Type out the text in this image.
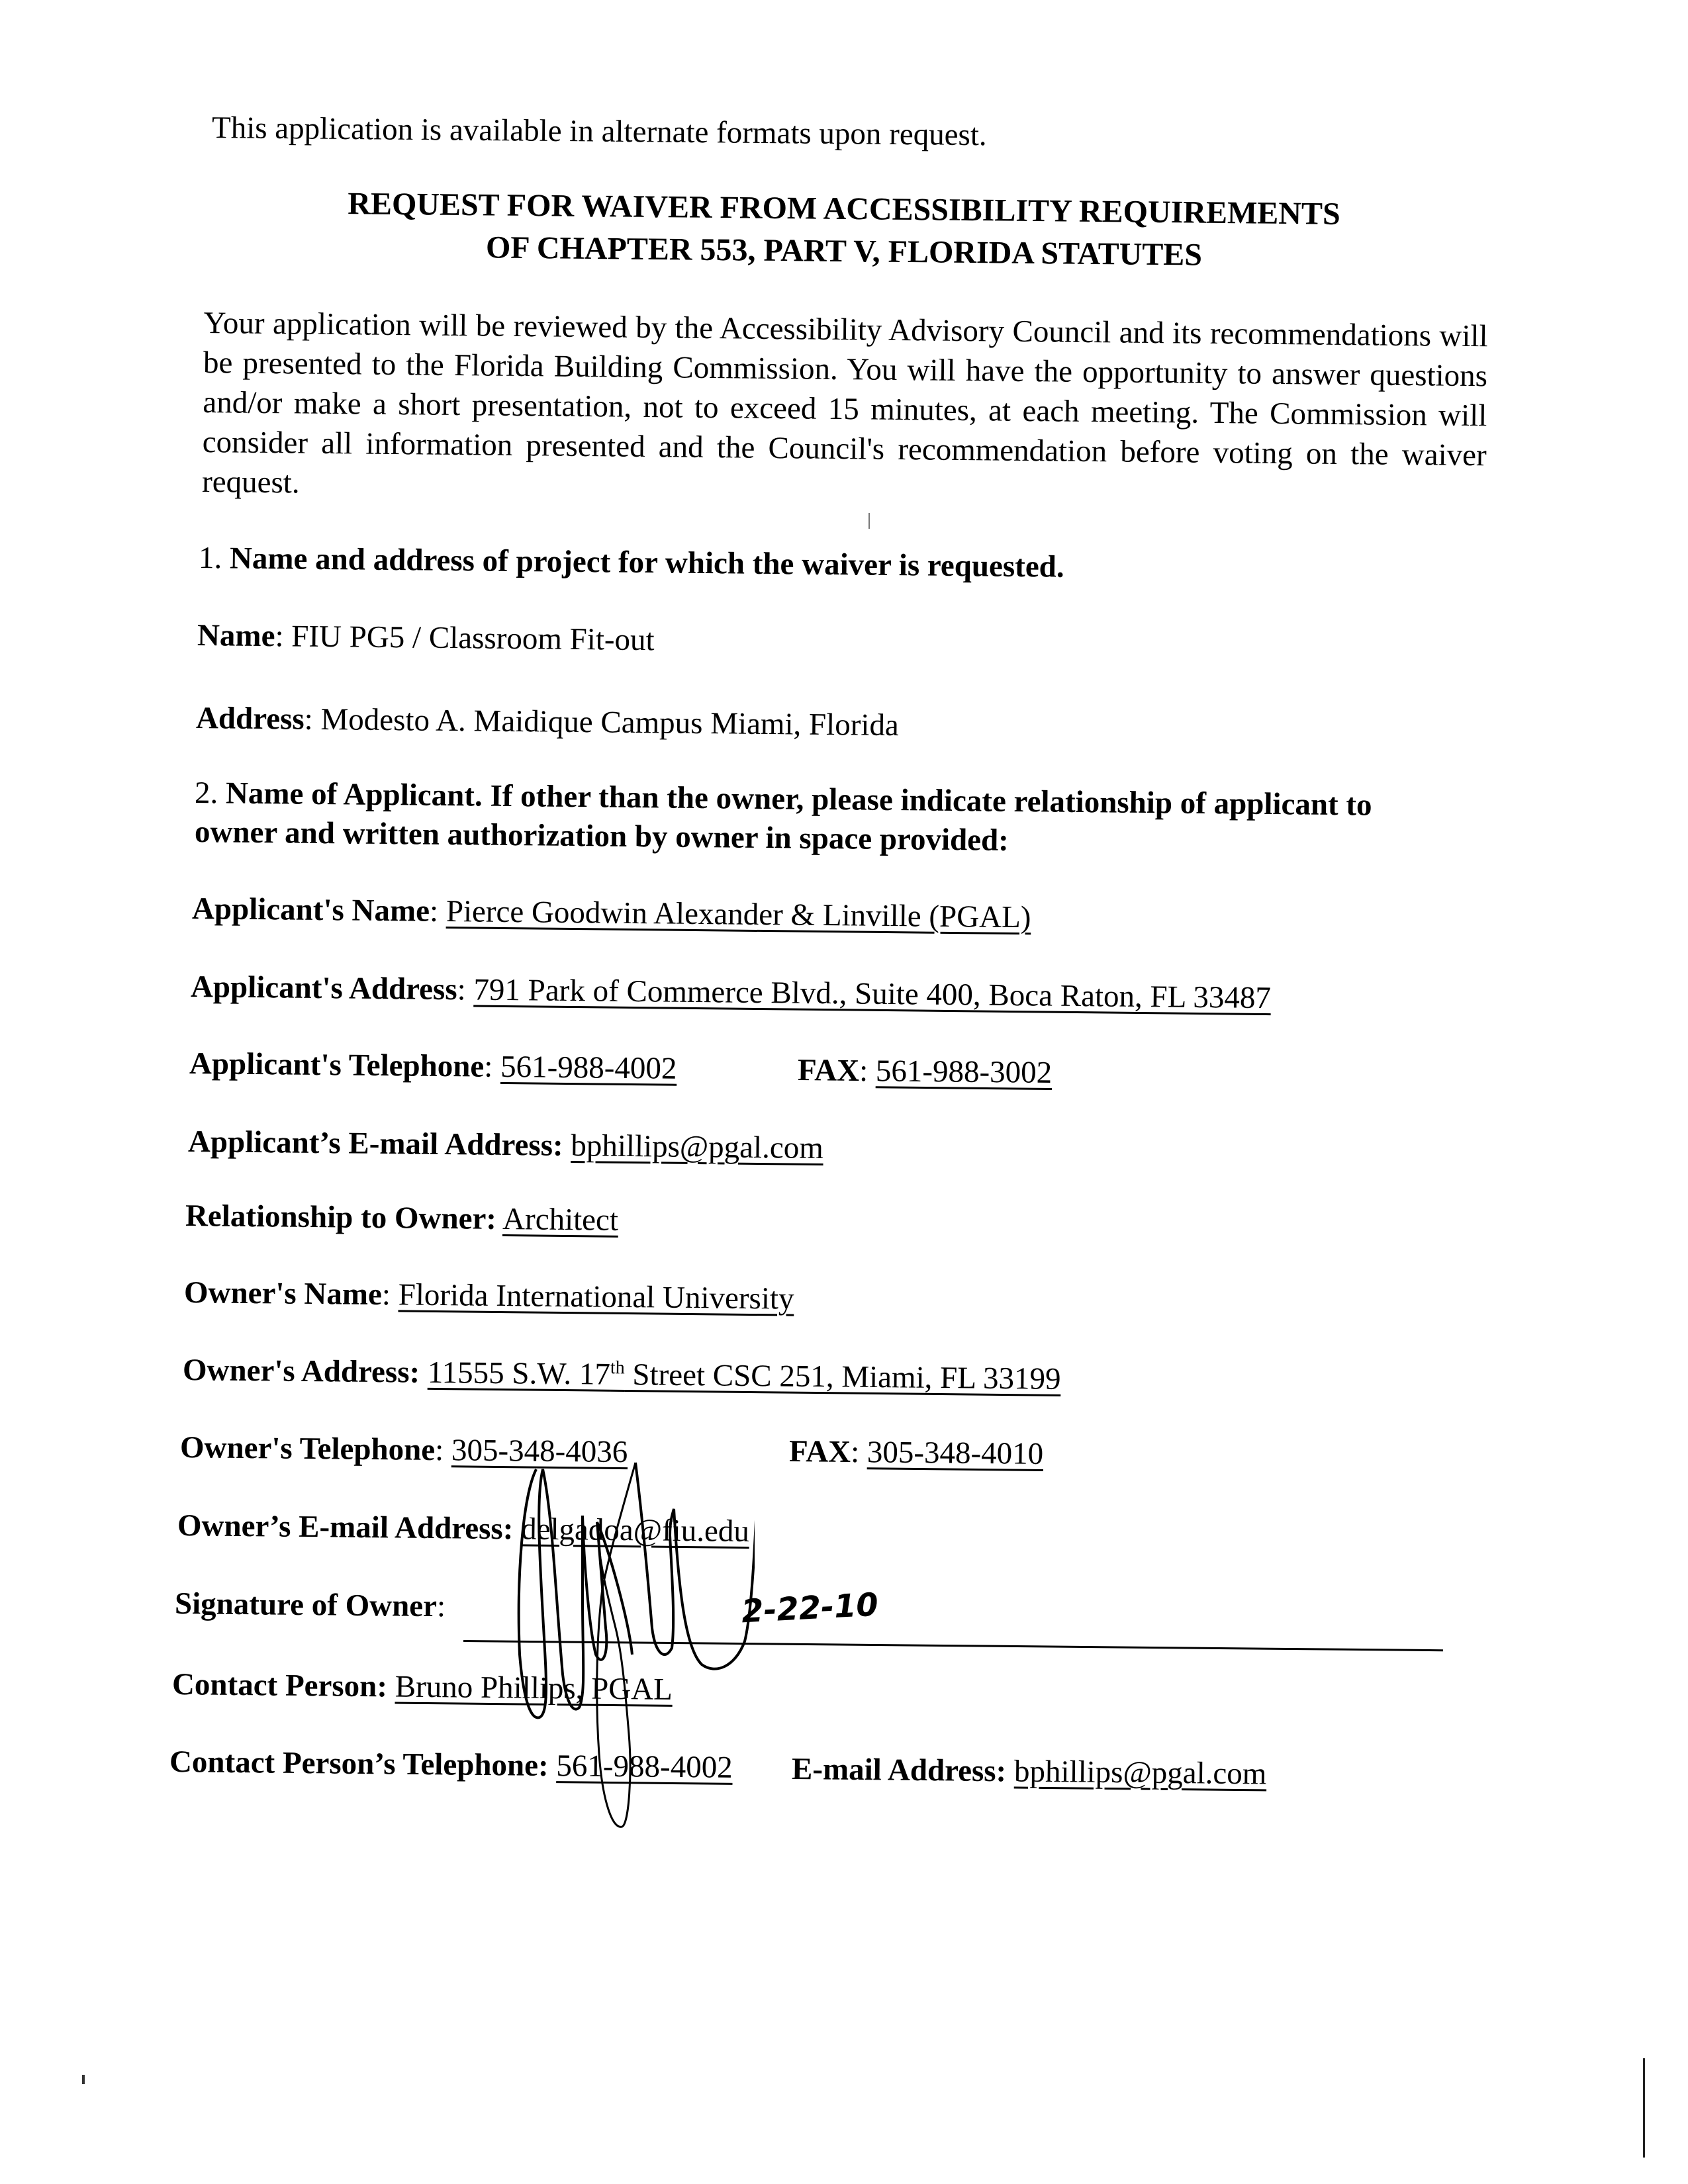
This application is available in alternate formats upon request.
REQUEST FOR WAIVER FROM ACCESSIBILITY REQUIREMENTS
OF CHAPTER 553, PART V, FLORIDA STATUTES
Your application will be reviewed by the Accessibility Advisory Council and its recommendations will be presented to the Florida Building Commission. You will have the opportunity to answer questions and/or make a short presentation, not to exceed 15 minutes, at each meeting. The Commission will consider all information presented and the Council's recommendation before voting on the waiver request.
1. Name and address of project for which the waiver is requested.
Name: FIU PG5 / Classroom Fit-out
Address: Modesto A. Maidique Campus Miami, Florida
2. Name of Applicant. If other than the owner, please indicate relationship of applicant to
owner and written authorization by owner in space provided:
Applicant's Name: Pierce Goodwin Alexander & Linville (PGAL)
Applicant's Address: 791 Park of Commerce Blvd., Suite 400, Boca Raton, FL 33487
Applicant's Telephone: 561-988-4002	FAX: 561-988-3002
Applicant’s E-mail Address: bphillips@pgal.com
Relationship to Owner: Architect
Owner's Name: Florida International University
Owner's Address: 11555 S.W. 17th Street CSC 251, Miami, FL 33199
Owner's Telephone: 305-348-4036	FAX: 305-348-4010
Owner’s E-mail Address: delgadoa@fiu.edu
Signature of Owner:	2-22-10
Contact Person: Bruno Phillips, PGAL
Contact Person’s Telephone: 561-988-4002 E-mail Address: bphillips@pgal.com
